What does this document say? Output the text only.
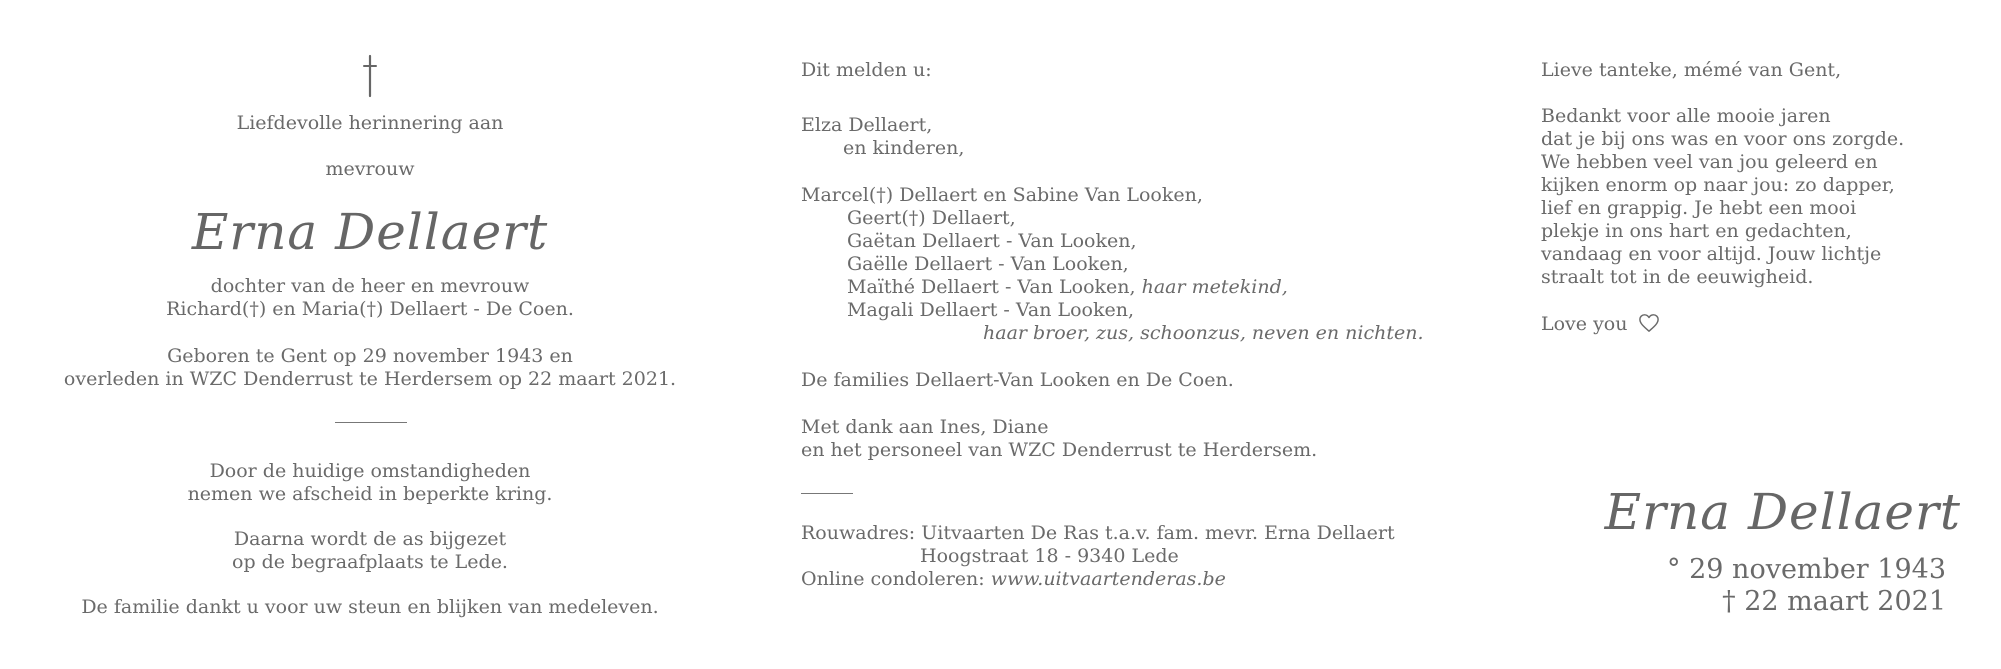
Liefdevolle herinnering aan
mevrouw
Erna Dellaert
dochter van de heer en mevrouw
Richard(†) en Maria(†) Dellaert - De Coen.
Geboren te Gent op 29 november 1943 en
overleden in WZC Denderrust te Herdersem op 22 maart 2021.
Door de huidige omstandigheden
nemen we afscheid in beperkte kring.
Daarna wordt de as bijgezet
op de begraafplaats te Lede.
De familie dankt u voor uw steun en blijken van medeleven.
Dit melden u:
Elza Dellaert,
en kinderen,
Marcel(†) Dellaert en Sabine Van Looken,
Geert(†) Dellaert,
Gaëtan Dellaert - Van Looken,
Gaëlle Dellaert - Van Looken,
Maïthé Dellaert - Van Looken, haar metekind,
Magali Dellaert - Van Looken,
haar broer, zus, schoonzus, neven en nichten.
De families Dellaert-Van Looken en De Coen.
Met dank aan Ines, Diane
en het personeel van WZC Denderrust te Herdersem.
Rouwadres: Uitvaarten De Ras t.a.v. fam. mevr. Erna Dellaert
Hoogstraat 18 - 9340 Lede
Online condoleren: www.uitvaartenderas.be
Lieve tanteke, mémé van Gent,
Bedankt voor alle mooie jaren
dat je bij ons was en voor ons zorgde.
We hebben veel van jou geleerd en
kijken enorm op naar jou: zo dapper,
lief en grappig. Je hebt een mooi
plekje in ons hart en gedachten,
vandaag en voor altijd. Jouw lichtje
straalt tot in de eeuwigheid.
Love you
Erna Dellaert
° 29 november 1943
† 22 maart 2021
